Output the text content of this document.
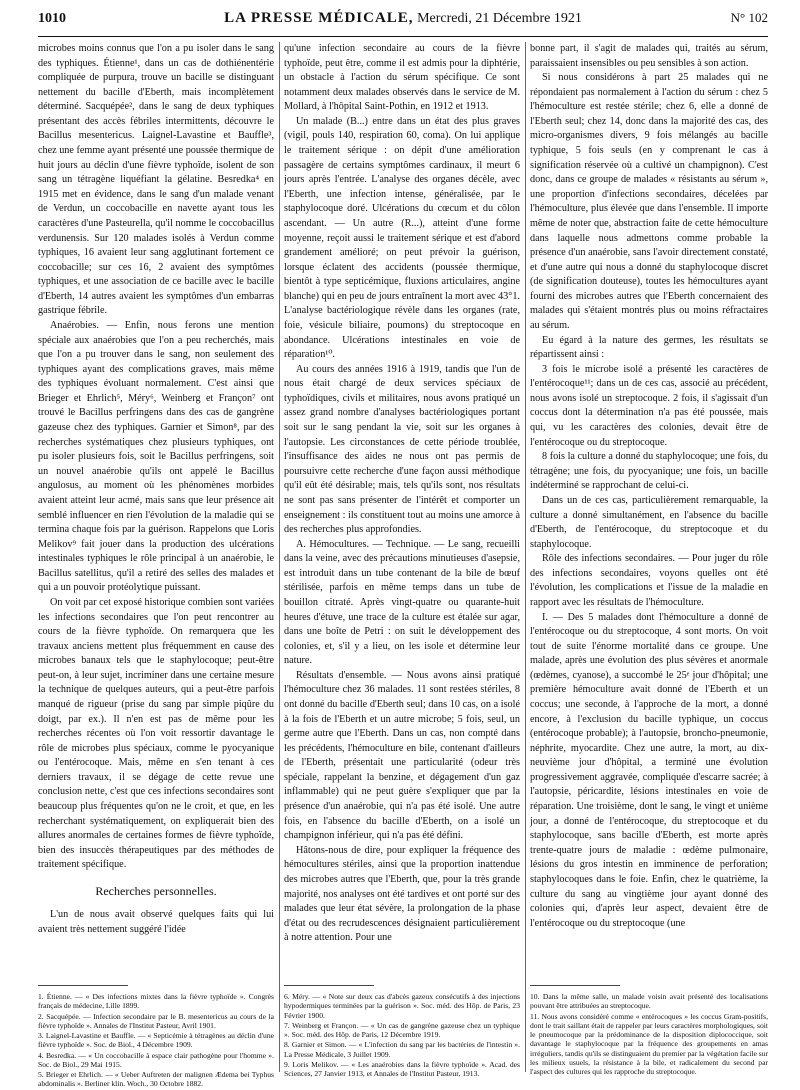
1010	LA PRESSE MÉDICALE, Mercredi, 21 Décembre 1921	N° 102

microbes moins connus que l'on a pu isoler dans le sang des typhiques. Étienne¹, dans un cas de dothiénentérie compliquée de purpura, trouve un bacille se distinguant nettement du bacille d'Eberth, mais incomplètement déterminé. Sacquépée², dans le sang de deux typhiques présentant des accès fébriles intermittents, découvre le Bacillus mesentericus. Laignel-Lavastine et Bauffle³, chez une femme ayant présenté une poussée thermique de huit jours au déclin d'une fièvre typhoïde, isolent de son sang un tétragène liquéfiant la gélatine. Besredka⁴ en 1915 met en évidence, dans le sang d'un malade venant de Verdun, un coccobacille en navette ayant tous les caractères d'une Pasteurella, qu'il nomme le coccobacillus verdunensis. Sur 120 malades isolés à Verdun comme typhiques, 16 avaient leur sang agglutinant fortement ce coccobacille; sur ces 16, 2 avaient des symptômes typhiques, et une association de ce bacille avec le bacille d'Eberth, 14 autres avaient les symptômes d'un embarras gastrique fébrile.

Anaérobies. — Enfin, nous ferons une mention spéciale aux anaérobies que l'on a peu recherchés, mais que l'on a pu trouver dans le sang, non seulement des typhiques ayant des complications graves, mais même des typhiques évoluant normalement. C'est ainsi que Brieger et Ehrlich⁵, Méry⁶, Weinberg et Françon⁷ ont trouvé le Bacillus perfringens dans des cas de gangrène gazeuse chez des typhiques. Garnier et Simon⁸, par des recherches systématiques chez plusieurs typhiques, ont pu isoler plusieurs fois, soit le Bacillus perfringens, soit un nouvel anaérobie qu'ils ont appelé le Bacillus angulosus, au moment où les phénomènes morbides avaient atteint leur acmé, mais sans que leur présence ait semblé influencer en rien l'évolution de la maladie qui se termina chaque fois par la guérison. Rappelons que Loris Melikov⁹ fait jouer dans la production des ulcérations intestinales typhiques le rôle principal à un anaérobie, le Bacillus satellitus, qu'il a retiré des selles des malades et qui a un pouvoir protéolytique puissant.

On voit par cet exposé historique combien sont variées les infections secondaires que l'on peut rencontrer au cours de la fièvre typhoïde. On remarquera que les travaux anciens mettent plus fréquemment en cause des microbes banaux tels que le staphylocoque; peut-être peut-on, à leur sujet, incriminer dans une certaine mesure la technique de quelques auteurs, qui a peut-être parfois manqué de rigueur (prise du sang par simple piqûre du doigt, par ex.). Il n'en est pas de même pour les recherches récentes où l'on voit ressortir davantage le rôle de microbes plus spéciaux, comme le pyocyanique ou l'entérocoque. Mais, même en s'en tenant à ces derniers travaux, il se dégage de cette revue une conclusion nette, c'est que ces infections secondaires sont beaucoup plus fréquentes qu'on ne le croit, et que, en les recherchant systématiquement, on expliquerait bien des allures anormales de certaines formes de fièvre typhoïde, bien des insuccès thérapeutiques par des méthodes de traitement spécifique.

Recherches personnelles.

L'un de nous avait observé quelques faits qui lui avaient très nettement suggéré l'idée

qu'une infection secondaire au cours de la fièvre typhoïde, peut être, comme il est admis pour la diphtérie, un obstacle à l'action du sérum spécifique. Ce sont notamment deux malades observés dans le service de M. Mollard, à l'hôpital Saint-Pothin, en 1912 et 1913.

Un malade (B...) entre dans un état des plus graves (vigil, pouls 140, respiration 60, coma). On lui applique le traitement sérique : on dépit d'une amélioration passagère de certains symptômes cardinaux, il meurt 6 jours après l'entrée. L'analyse des organes décèle, avec l'Eberth, une infection intense, généralisée, par le staphylocoque doré. Ulcérations du cœcum et du côlon ascendant. — Un autre (R...), atteint d'une forme moyenne, reçoit aussi le traitement sérique et est d'abord grandement amélioré; on peut prévoir la guérison, lorsque éclatent des accidents (poussée thermique, bientôt à type septicémique, fluxions articulaires, angine blanche) qui en peu de jours entraînent la mort avec 43°1. L'analyse bactériologique révèle dans les organes (rate, foie, vésicule biliaire, poumons) du streptocoque en abondance. Ulcérations intestinales en voie de réparation¹⁰.

Au cours des années 1916 à 1919, tandis que l'un de nous était chargé de deux services spéciaux de typhoïdiques, civils et militaires, nous avons pratiqué un assez grand nombre d'analyses bactériologiques portant soit sur le sang pendant la vie, soit sur les organes à l'autopsie. Les circonstances de cette période troublée, l'insuffisance des aides ne nous ont pas permis de poursuivre cette recherche d'une façon aussi méthodique qu'il eût été désirable; mais, tels qu'ils sont, nos résultats ne sont pas sans présenter de l'intérêt et comporter un enseignement : ils constituent tout au moins une amorce à des recherches plus approfondies.

A. Hémocultures. — Technique. — Le sang, recueilli dans la veine, avec des précautions minutieuses d'asepsie, est introduit dans un tube contenant de la bile de bœuf stérilisée, parfois en même temps dans un tube de bouillon citraté. Après vingt-quatre ou quarante-huit heures d'étuve, une trace de la culture est étalée sur agar, dans une boîte de Petri : on suit le développement des colonies, et, s'il y a lieu, on les isole et détermine leur nature.

Résultats d'ensemble. — Nous avons ainsi pratiqué l'hémoculture chez 36 malades. 11 sont restées stériles, 8 ont donné du bacille d'Eberth seul; dans 10 cas, on a isolé à la fois de l'Eberth et un autre microbe; 5 fois, seul, un germe autre que l'Eberth. Dans un cas, non compté dans les précédents, l'hémoculture en bile, contenant d'ailleurs de l'Eberth, présentait une particularité (odeur très spéciale, rappelant la benzine, et dégagement d'un gaz inflammable) qui ne peut guère s'expliquer que par la présence d'un anaérobie, qui n'a pas été isolé. Une autre fois, en l'absence du bacille d'Eberth, on a isolé un champignon inférieur, qui n'a pas été défini.

Hâtons-nous de dire, pour expliquer la fréquence des hémocultures stériles, ainsi que la proportion inattendue des microbes autres que l'Eberth, que, pour la très grande majorité, nos analyses ont été tardives et ont porté sur des malades que leur état sévère, la prolongation de la phase d'état ou des recrudescences désignaient particulièrement à notre attention. Pour une

bonne part, il s'agit de malades qui, traités au sérum, paraissaient insensibles ou peu sensibles à son action.

Si nous considérons à part 25 malades qui ne répondaient pas normalement à l'action du sérum : chez 5 l'hémoculture est restée stérile; chez 6, elle a donné de l'Eberth seul; chez 14, donc dans la majorité des cas, des micro-organismes divers, 9 fois mélangés au bacille typhique, 5 fois seuls (en y comprenant le cas à signification réservée où a cultivé un champignon). C'est donc, dans ce groupe de malades « résistants au sérum », une proportion d'infections secondaires, décelées par l'hémoculture, plus élevée que dans l'ensemble. Il importe même de noter que, abstraction faite de cette hémoculture dans laquelle nous admettons comme probable la présence d'un anaérobie, sans l'avoir directement constaté, et d'une autre qui nous a donné du staphylocoque discret (de signification douteuse), toutes les hémocultures ayant fourni des microbes autres que l'Eberth concernaient des malades qui s'étaient montrés plus ou moins réfractaires au sérum.

Eu égard à la nature des germes, les résultats se répartissent ainsi :

3 fois le microbe isolé a présenté les caractères de l'entérocoque¹¹; dans un de ces cas, associé au précédent, nous avons isolé un streptocoque. 2 fois, il s'agissait d'un coccus dont la détermination n'a pas été poussée, mais qui, vu les caractères des colonies, devait être de l'entérocoque ou du streptocoque.

8 fois la culture a donné du staphylocoque; une fois, du tétragène; une fois, du pyocyanique; une fois, un bacille indéterminé se rapprochant de celui-ci.

Dans un de ces cas, particulièrement remarquable, la culture a donné simultanément, en l'absence du bacille d'Eberth, de l'entérocoque, du streptocoque et du staphylocoque.

Rôle des infections secondaires. — Pour juger du rôle des infections secondaires, voyons quelles ont été l'évolution, les complications et l'issue de la maladie en rapport avec les résultats de l'hémoculture.

I. — Des 5 malades dont l'hémoculture a donné de l'entérocoque ou du streptocoque, 4 sont morts. On voit tout de suite l'énorme mortalité dans ce groupe. Une malade, après une évolution des plus sévères et anormale (œdèmes, cyanose), a succombé le 25ᵉ jour d'hôpital; une première hémoculture avait donné de l'Eberth et un coccus; une seconde, à l'approche de la mort, a donné encore, à l'exclusion du bacille typhique, un coccus (entérocoque probable); à l'autopsie, broncho-pneumonie, néphrite, myocardite. Chez une autre, la mort, au dix-neuvième jour d'hôpital, a terminé une évolution progressivement aggravée, compliquée d'escarre sacrée; à l'autopsie, péricardite, lésions intestinales en voie de réparation. Une troisième, dont le sang, le vingt et unième jour, a donné de l'entérocoque, du streptocoque et du staphylocoque, sans bacille d'Eberth, est morte après trente-quatre jours de maladie : œdème pulmonaire, lésions du gros intestin en imminence de perforation; staphylocoques dans le foie. Enfin, chez le quatrième, la culture du sang au vingtième jour ayant donné des colonies qui, d'après leur aspect, devaient être de l'entérocoque ou du streptocoque (une

1. Étienne. — « Des infections mixtes dans la fièvre typhoïde ». Congrès français de médecine, Lille 1899.

2. Sacquépée. — Infection secondaire par le B. mesentericus au cours de la fièvre typhoïde ». Annales de l'Institut Pasteur, Avril 1901.

3. Laignel-Lavastine et Bauffle. — « Septicémie à tétragènes au déclin d'une fièvre typhoïde ». Soc. de Biol., 4 Décembre 1909.

4. Besredka. — « Un coccobacille à espace clair pathogène pour l'homme ». Soc. de Biol., 29 Mai 1915.

5. Brieger et Ehrlich. — « Ueber Auftreten der malignen Ædema bei Typhus abdominalis ». Berliner klin. Woch., 30 Octobre 1882.

6. Méry. — « Note sur deux cas d'abcès gazeux consécutifs à des injections hypodermiques terminées par la guérison ». Soc. méd. des Hôp. de Paris, 23 Février 1900.

7. Weinberg et Françon. — « Un cas de gangrène gazeuse chez un typhique ». Soc. méd. des Hôp. de Paris, 12 Décembre 1919.

8. Garnier et Simon. — « L'infection du sang par les bactéries de l'intestin ». La Presse Médicale, 3 Juillet 1909.

9. Loris Melikov. — « Les anaérobies dans la fièvre typhoïde ». Acad. des Sciences, 27 Janvier 1913, et Annales de l'Institut Pasteur, 1913.

10. Dans la même salle, un malade voisin avait présenté des localisations pouvant être attribuées au streptocoque.

11. Nous avons considéré comme « entérocoques » les coccus Gram-positifs, dont le trait saillant était de rappeler par leurs caractères morphologiques, soit le pneumocoque par la prédominance de la disposition diplococcique, soit davantage le staphylocoque par la fréquence des groupements en amas irréguliers, tandis qu'ils se distinguaient du premier par la végétation facile sur les milieux usuels, la résistance à la bile, et radicalement du second par l'aspect des cultures qui les rapproche du streptocoque.
